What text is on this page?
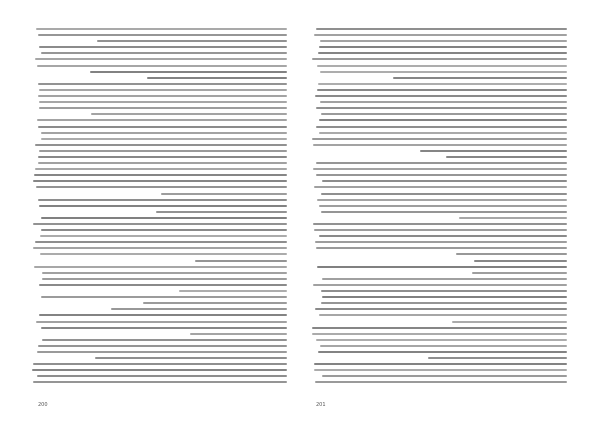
200	201
